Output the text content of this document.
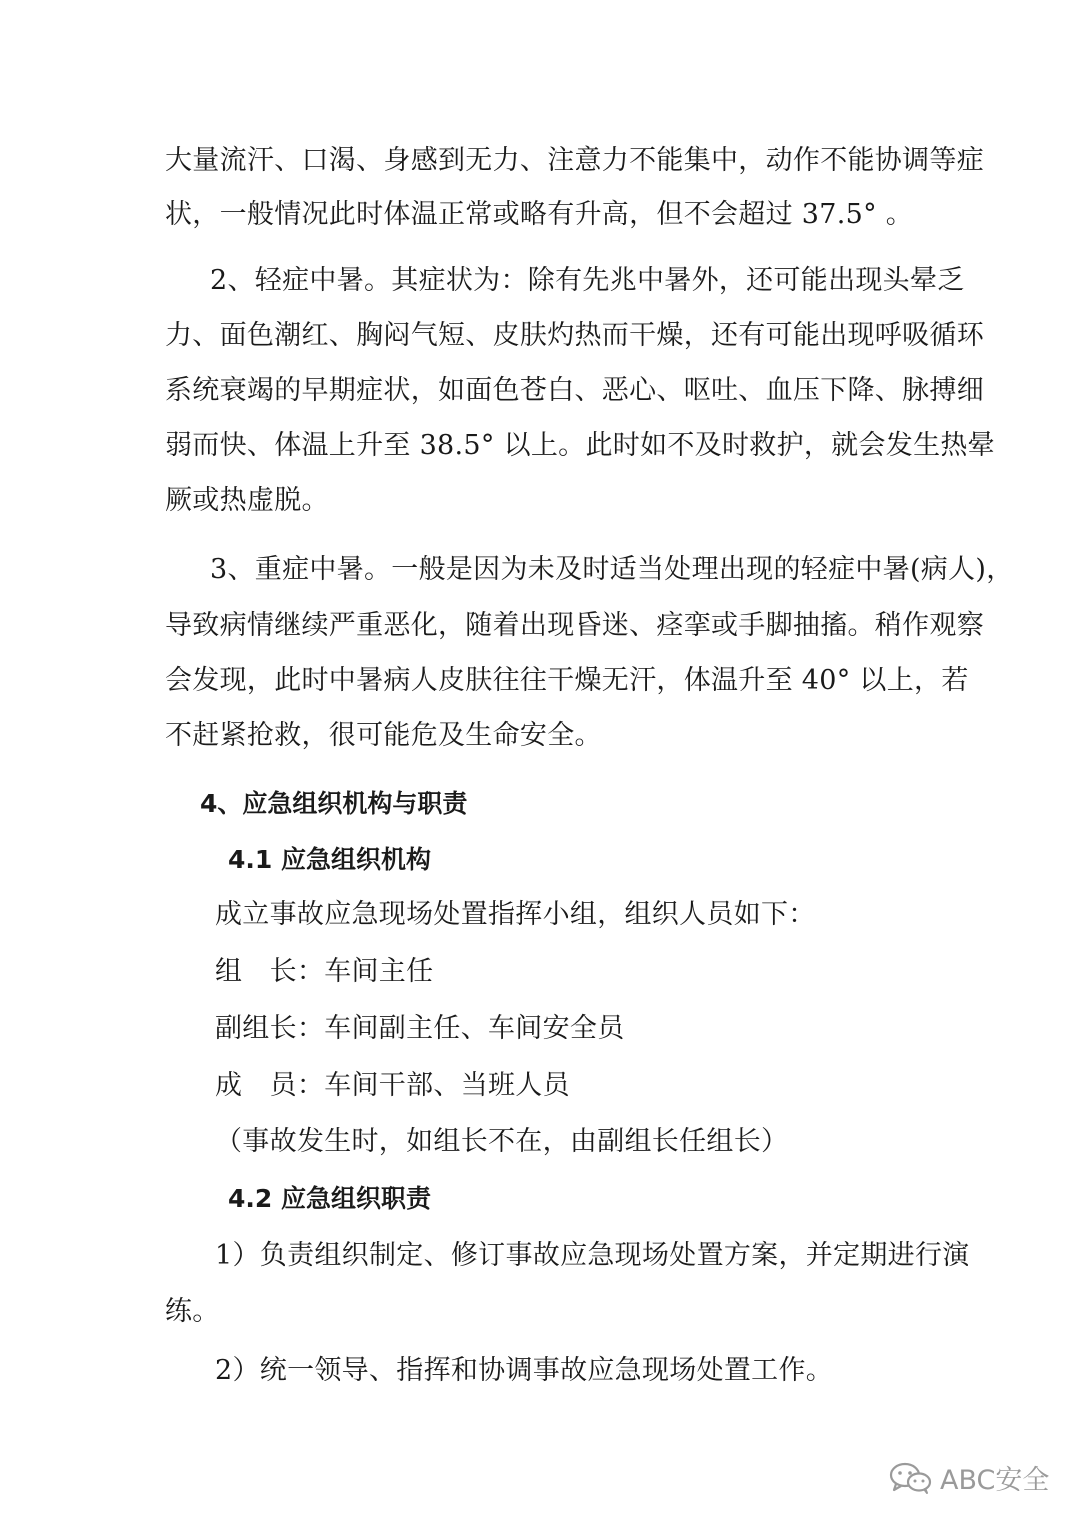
大量流汗、口渴、身感到无力、注意力不能集中，动作不能协调等症
状，一般情况此时体温正常或略有升高，但不会超过 37.5° 。
2、轻症中暑。其症状为：除有先兆中暑外，还可能出现头晕乏
力、面色潮红、胸闷气短、皮肤灼热而干燥，还有可能出现呼吸循环
系统衰竭的早期症状，如面色苍白、恶心、呕吐、血压下降、脉搏细
弱而快、体温上升至 38.5° 以上。此时如不及时救护，就会发生热晕
厥或热虚脱。
3、重症中暑。一般是因为未及时适当处理出现的轻症中暑(病人)，
导致病情继续严重恶化，随着出现昏迷、痉挛或手脚抽搐。稍作观察
会发现，此时中暑病人皮肤往往干燥无汗，体温升至 40° 以上，若
不赶紧抢救，很可能危及生命安全。
4、应急组织机构与职责
4.1 应急组织机构
成立事故应急现场处置指挥小组，组织人员如下：
组　长：车间主任
副组长：车间副主任、车间安全员
成　员：车间干部、当班人员
（事故发生时，如组长不在，由副组长任组长）
4.2 应急组织职责
1）负责组织制定、修订事故应急现场处置方案，并定期进行演
练。
2）统一领导、指挥和协调事故应急现场处置工作。
ABC安全
